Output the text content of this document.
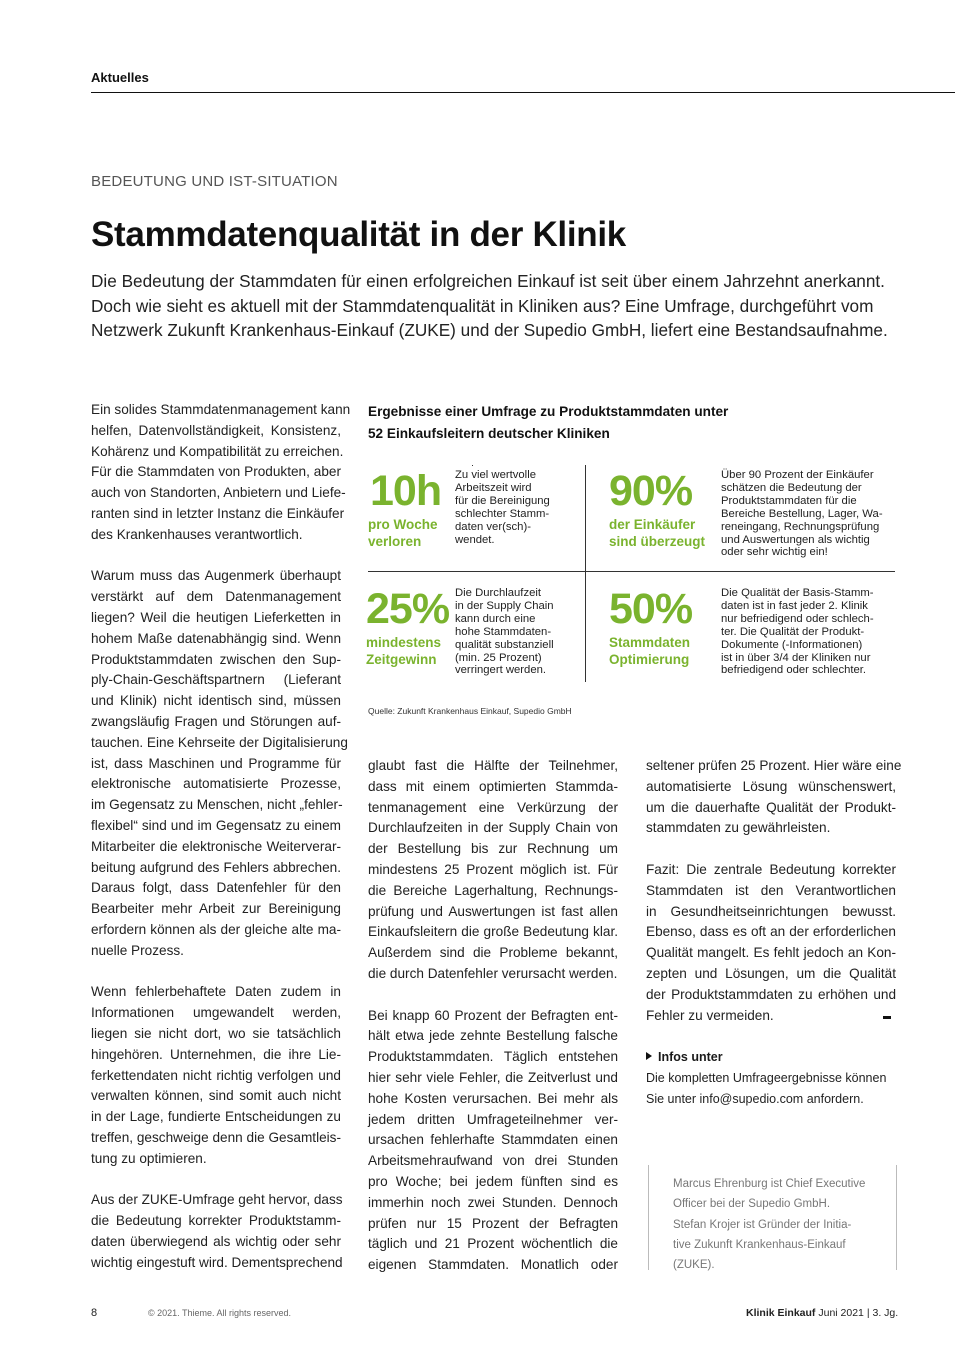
Aktuelles
BEDEUTUNG UND IST-SITUATION
Stammdatenqualität in der Klinik
Die Bedeutung der Stammdaten für einen erfolgreichen Einkauf ist seit über einem Jahrzehnt anerkannt.
Doch wie sieht es aktuell mit der Stammdatenqualität in Kliniken aus? Eine Umfrage, durchgeführt vom
Netzwerk Zukunft Krankenhaus-Einkauf (ZUKE) und der Supedio GmbH, liefert eine Bestandsaufnahme.

Ein solides Stammdatenmanagement kann
helfen, Datenvollständigkeit, Konsistenz,
Kohärenz und Kompatibilität zu erreichen.
Für die Stammdaten von Produkten, aber
auch von Standorten, Anbietern und Liefe-
ranten sind in letzter Instanz die Einkäufer
des Krankenhauses verantwortlich.

Warum muss das Augenmerk überhaupt
verstärkt auf dem Datenmanagement
liegen? Weil die heutigen Lieferketten in
hohem Maße datenabhängig sind. Wenn
Produktstammdaten zwischen den Sup-
ply-Chain-Geschäftspartnern (Lieferant
und Klinik) nicht identisch sind, müssen
zwangsläufig Fragen und Störungen auf-
tauchen. Eine Kehrseite der Digitalisierung
ist, dass Maschinen und Programme für
elektronische automatisierte Prozesse,
im Gegensatz zu Menschen, nicht „fehler-
flexibel“ sind und im Gegensatz zu einem
Mitarbeiter die elektronische Weiterverar-
beitung aufgrund des Fehlers abbrechen.
Daraus folgt, dass Datenfehler für den
Bearbeiter mehr Arbeit zur Bereinigung
erfordern können als der gleiche alte ma-
nuelle Prozess.

Wenn fehlerbehaftete Daten zudem in
Informationen umgewandelt werden,
liegen sie nicht dort, wo sie tatsächlich
hingehören. Unternehmen, die ihre Lie-
ferkettendaten nicht richtig verfolgen und
verwalten können, sind somit auch nicht
in der Lage, fundierte Entscheidungen zu
treffen, geschweige denn die Gesamtleis-
tung zu optimieren.

Aus der ZUKE-Umfrage geht hervor, dass
die Bedeutung korrekter Produktstamm-
daten überwiegend als wichtig oder sehr
wichtig eingestuft wird. Dementsprechend

Ergebnisse einer Umfrage zu Produktstammdaten unter
52 Einkaufsleitern deutscher Kliniken
10h
pro Woche
verloren
Zu viel wertvolle
Arbeitszeit wird
für die Bereinigung
schlechter Stamm-
daten ver(sch)-
wendet.
90%
der Einkäufer
sind überzeugt
Über 90 Prozent der Einkäufer
schätzen die Bedeutung der
Produktstammdaten für die
Bereiche Bestellung, Lager, Wa-
reneingang, Rechnungsprüfung
und Auswertungen als wichtig
oder sehr wichtig ein!
25%
mindestens
Zeitgewinn
Die Durchlaufzeit
in der Supply Chain
kann durch eine
hohe Stammdaten-
qualität substanziell
(min. 25 Prozent)
verringert werden.
50%
Stammdaten
Optimierung
Die Qualität der Basis-Stamm-
daten ist in fast jeder 2. Klinik
nur befriedigend oder schlech-
ter. Die Qualität der Produkt-
Dokumente (-Informationen)
ist in über 3/4 der Kliniken nur
befriedigend oder schlechter.
Quelle: Zukunft Krankenhaus Einkauf, Supedio GmbH

glaubt fast die Hälfte der Teilnehmer,
dass mit einem optimierten Stammda-
tenmanagement eine Verkürzung der
Durchlaufzeiten in der Supply Chain von
der Bestellung bis zur Rechnung um
mindestens 25 Prozent möglich ist. Für
die Bereiche Lagerhaltung, Rechnungs-
prüfung und Auswertungen ist fast allen
Einkaufsleitern die große Bedeutung klar.
Außerdem sind die Probleme bekannt,
die durch Datenfehler verursacht werden.

Bei knapp 60 Prozent der Befragten ent-
hält etwa jede zehnte Bestellung falsche
Produktstammdaten. Täglich entstehen
hier sehr viele Fehler, die Zeitverlust und
hohe Kosten verursachen. Bei mehr als
jedem dritten Umfrageteilnehmer ver-
ursachen fehlerhafte Stammdaten einen
Arbeitsmehraufwand von drei Stunden
pro Woche; bei jedem fünften sind es
immerhin noch zwei Stunden. Dennoch
prüfen nur 15 Prozent der Befragten
täglich und 21 Prozent wöchentlich die
eigenen Stammdaten. Monatlich oder

seltener prüfen 25 Prozent. Hier wäre eine
automatisierte Lösung wünschenswert,
um die dauerhafte Qualität der Produkt-
stammdaten zu gewährleisten.

Fazit: Die zentrale Bedeutung korrekter
Stammdaten ist den Verantwortlichen
in Gesundheitseinrichtungen bewusst.
Ebenso, dass es oft an der erforderlichen
Qualität mangelt. Es fehlt jedoch an Kon-
zepten und Lösungen, um die Qualität
der Produktstammdaten zu erhöhen und
Fehler zu vermeiden.

Infos unter
Die kompletten Umfrageergebnisse können
Sie unter info@supedio.com anfordern.
Marcus Ehrenburg ist Chief Executive
Officer bei der Supedio GmbH.
Stefan Krojer ist Gründer der Initia-
tive Zukunft Krankenhaus-Einkauf
(ZUKE).
8	© 2021. Thieme. All rights reserved.	Klinik Einkauf Juni 2021 | 3. Jg.
